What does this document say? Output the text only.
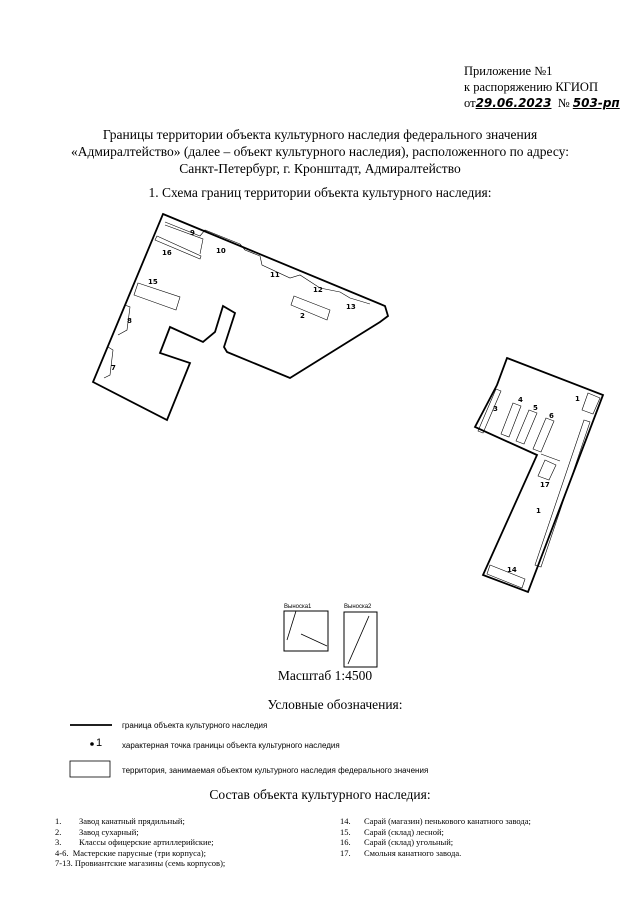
Приложение №1
к распоряжению КГИОП
от29.06.2023 № 503-рп
Границы территории объекта культурного наследия федерального значения
«Адмиралтейство» (далее – объект культурного наследия), расположенного по адресу:
Санкт-Петербург, г. Кронштадт, Адмиралтейство
1. Схема границ территории объекта культурного наследия:
9
10
16
11
15
12
13
2
8
7
1
3
4
5
6
17
1
14
Выноска1	Выноска2
Масштаб 1:4500
Условные обозначения:
граница объекта культурного наследия
1 характерная точка границы объекта культурного наследия
территория, занимаемая объектом культурного наследия федерального значения
Состав объекта культурного наследия:
1. Завод канатный прядильный;
2. Завод сухарный;
3. Классы офицерские артиллерийские;
4-6. Мастерские парусные (три корпуса);
7-13. Провиантские магазины (семь корпусов);
14. Сарай (магазин) пенькового канатного завода;
15. Сарай (склад) лесной;
16. Сарай (склад) угольный;
17. Смольня канатного завода.
